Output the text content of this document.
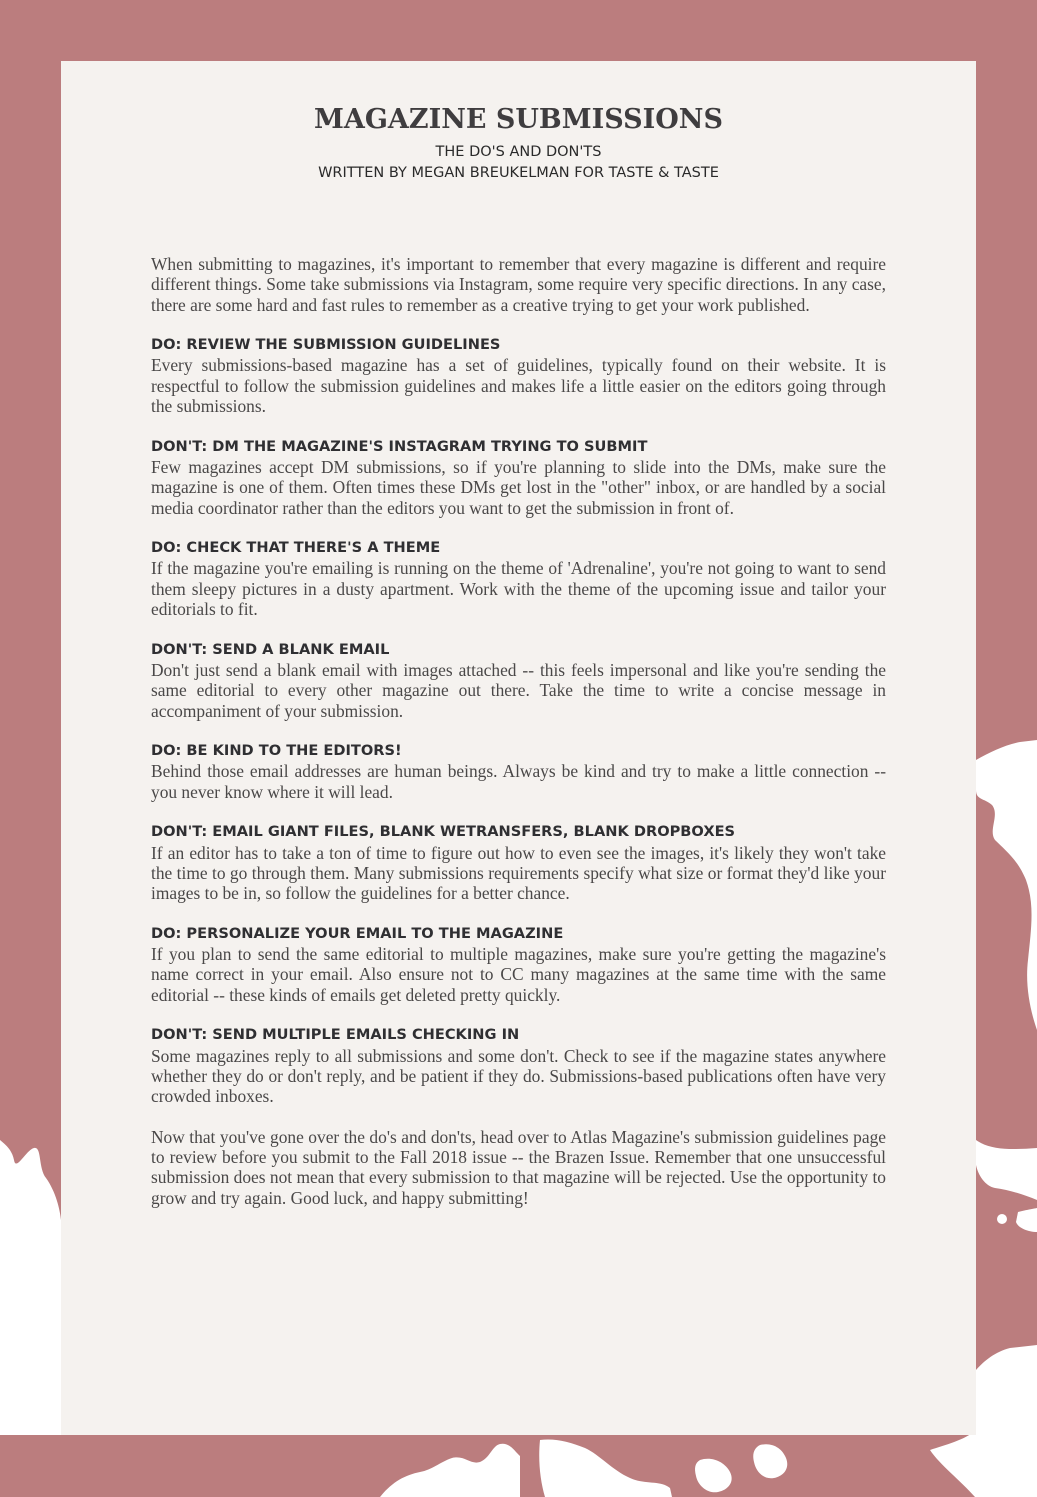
MAGAZINE SUBMISSIONS
THE DO'S AND DON'TS
WRITTEN BY MEGAN BREUKELMAN FOR TASTE & TASTE

When submitting to magazines, it's important to remember that every magazine is different and require different things. Some take submissions via Instagram, some require very specific directions. In any case, there are some hard and fast rules to remember as a creative trying to get your work published.

DO: REVIEW THE SUBMISSION GUIDELINES

Every submissions-based magazine has a set of guidelines, typically found on their website. It is respectful to follow the submission guidelines and makes life a little easier on the editors going through the submissions.

DON'T: DM THE MAGAZINE'S INSTAGRAM TRYING TO SUBMIT

Few magazines accept DM submissions, so if you're planning to slide into the DMs, make sure the magazine is one of them. Often times these DMs get lost in the "other" inbox, or are handled by a social media coordinator rather than the editors you want to get the submission in front of.

DO: CHECK THAT THERE'S A THEME

If the magazine you're emailing is running on the theme of 'Adrenaline', you're not going to want to send them sleepy pictures in a dusty apartment. Work with the theme of the upcoming issue and tailor your editorials to fit.

DON'T: SEND A BLANK EMAIL

Don't just send a blank email with images attached -- this feels impersonal and like you're sending the same editorial to every other magazine out there. Take the time to write a concise message in accompaniment of your submission.

DO: BE KIND TO THE EDITORS!

Behind those email addresses are human beings. Always be kind and try to make a little connection -- you never know where it will lead.

DON'T: EMAIL GIANT FILES, BLANK WETRANSFERS, BLANK DROPBOXES

If an editor has to take a ton of time to figure out how to even see the images, it's likely they won't take the time to go through them. Many submissions requirements specify what size or format they'd like your images to be in, so follow the guidelines for a better chance.

DO: PERSONALIZE YOUR EMAIL TO THE MAGAZINE

If you plan to send the same editorial to multiple magazines, make sure you're getting the magazine's name correct in your email. Also ensure not to CC many magazines at the same time with the same editorial -- these kinds of emails get deleted pretty quickly.

DON'T: SEND MULTIPLE EMAILS CHECKING IN

Some magazines reply to all submissions and some don't. Check to see if the magazine states anywhere whether they do or don't reply, and be patient if they do. Submissions-based publications often have very crowded inboxes.

Now that you've gone over the do's and don'ts, head over to Atlas Magazine's submission guidelines page to review before you submit to the Fall 2018 issue -- the Brazen Issue. Remember that one unsuccessful submission does not mean that every submission to that magazine will be rejected. Use the opportunity to grow and try again. Good luck, and happy submitting!
